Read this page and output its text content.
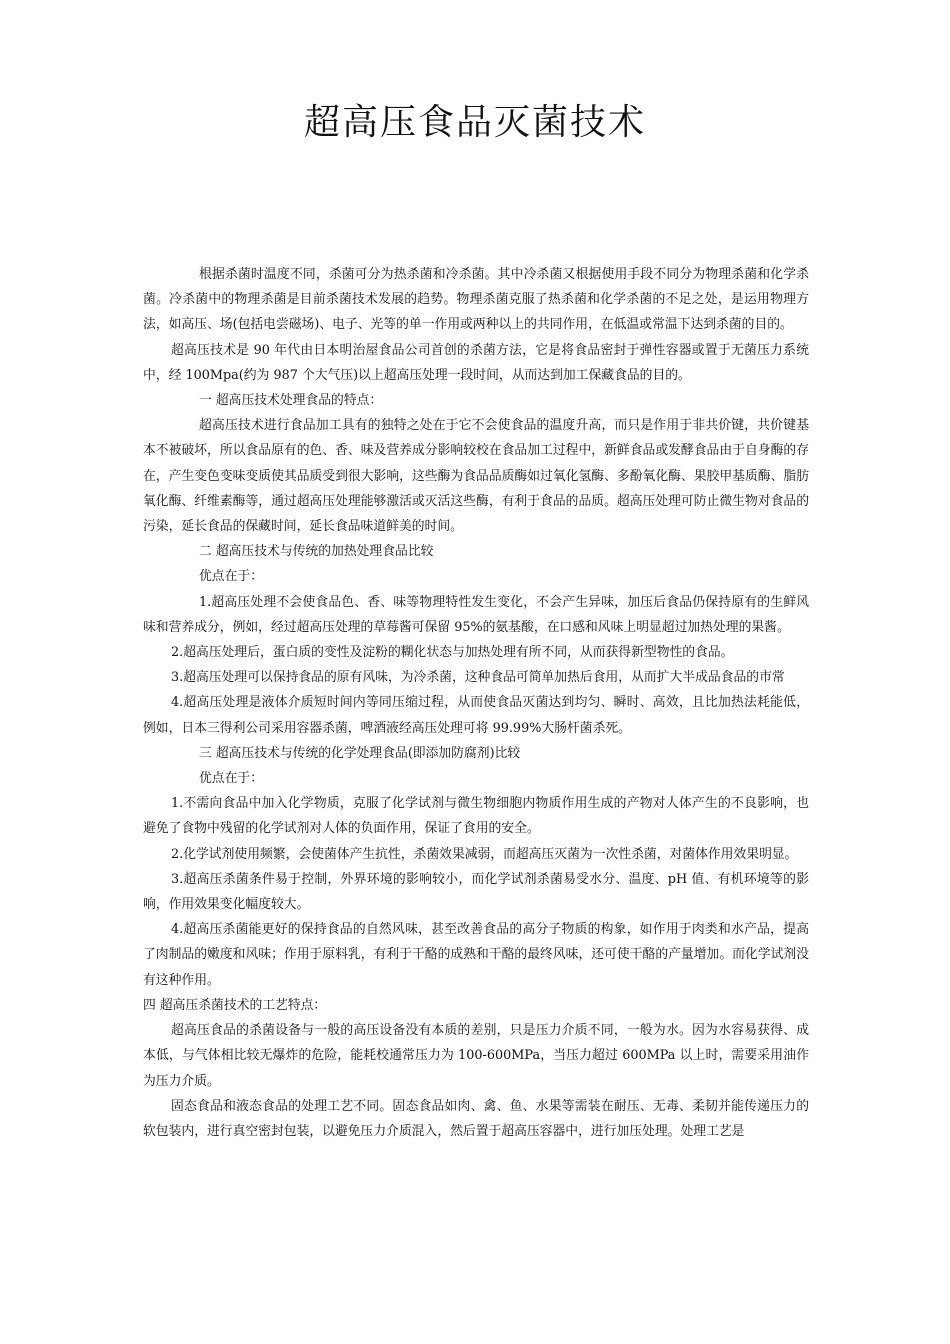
超高压食品灭菌技术

根据杀菌时温度不同，杀菌可分为热杀菌和冷杀菌。其中冷杀菌又根据使用手段不同分为物理杀菌和化学杀菌。冷杀菌中的物理杀菌是目前杀菌技术发展的趋势。物理杀菌克服了热杀菌和化学杀菌的不足之处，是运用物理方法，如高压、场(包括电尝磁场)、电子、光等的单一作用或两种以上的共同作用，在低温或常温下达到杀菌的目的。

超高压技术是 90 年代由日本明治屋食品公司首创的杀菌方法，它是将食品密封于弹性容器或置于无菌压力系统中，经 100Mpa(约为 987 个大气压)以上超高压处理一段时间，从而达到加工保藏食品的目的。

一 超高压技术处理食品的特点：

超高压技术进行食品加工具有的独特之处在于它不会使食品的温度升高，而只是作用于非共价键，共价键基本不被破坏，所以食品原有的色、香、味及营养成分影响较校在食品加工过程中，新鲜食品或发酵食品由于自身酶的存在，产生变色变味变质使其品质受到很大影响，这些酶为食品品质酶如过氧化氢酶、多酚氧化酶、果胶甲基质酶、脂肪氧化酶、纤维素酶等，通过超高压处理能够激活或灭活这些酶，有利于食品的品质。超高压处理可防止微生物对食品的污染，延长食品的保藏时间，延长食品味道鲜美的时间。

二 超高压技术与传统的加热处理食品比较

优点在于：

1.超高压处理不会使食品色、香、味等物理特性发生变化，不会产生异味，加压后食品仍保持原有的生鲜风味和营养成分，例如，经过超高压处理的草莓酱可保留 95%的氨基酸，在口感和风味上明显超过加热处理的果酱。

2.超高压处理后，蛋白质的变性及淀粉的糊化状态与加热处理有所不同，从而获得新型物性的食品。

3.超高压处理可以保持食品的原有风味，为冷杀菌，这种食品可简单加热后食用，从而扩大半成品食品的市常

4.超高压处理是液体介质短时间内等同压缩过程，从而使食品灭菌达到均匀、瞬时、高效，且比加热法耗能低，例如，日本三得利公司采用容器杀菌，啤酒液经高压处理可将 99.99%大肠杆菌杀死。

三 超高压技术与传统的化学处理食品(即添加防腐剂)比较

优点在于：

1.不需向食品中加入化学物质，克服了化学试剂与微生物细胞内物质作用生成的产物对人体产生的不良影响，也避免了食物中残留的化学试剂对人体的负面作用，保证了食用的安全。

2.化学试剂使用频繁，会使菌体产生抗性，杀菌效果减弱，而超高压灭菌为一次性杀菌，对菌体作用效果明显。

3.超高压杀菌条件易于控制，外界环境的影响较小，而化学试剂杀菌易受水分、温度、pH 值、有机环境等的影响，作用效果变化幅度较大。

4.超高压杀菌能更好的保持食品的自然风味，甚至改善食品的高分子物质的构象，如作用于肉类和水产品，提高了肉制品的嫩度和风味；作用于原料乳，有利于干酪的成熟和干酪的最终风味，还可使干酪的产量增加。而化学试剂没有这种作用。

四 超高压杀菌技术的工艺特点：

超高压食品的杀菌设备与一般的高压设备没有本质的差别，只是压力介质不同，一般为水。因为水容易获得、成本低，与气体相比较无爆炸的危险，能耗校通常压力为 100-600MPa，当压力超过 600MPa 以上时，需要采用油作为压力介质。

固态食品和液态食品的处理工艺不同。固态食品如肉、禽、鱼、水果等需装在耐压、无毒、柔韧并能传递压力的软包装内，进行真空密封包装，以避免压力介质混入，然后置于超高压容器中，进行加压处理。处理工艺是
